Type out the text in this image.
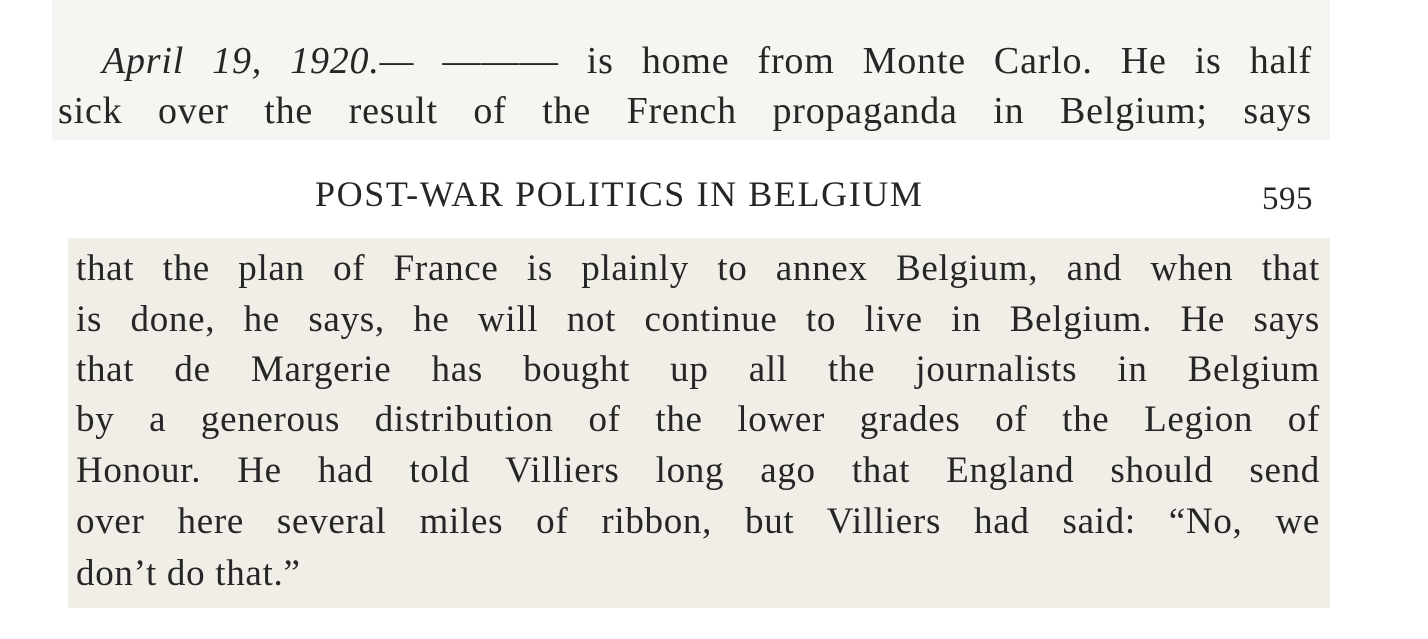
April 19, 1920.— ——— is home from Monte Carlo. He is half
sick over the result of the French propaganda in Belgium; says
POST-WAR POLITICS IN BELGIUM	595
that the plan of France is plainly to annex Belgium, and when that
is done, he says, he will not continue to live in Belgium. He says
that de Margerie has bought up all the journalists in Belgium
by a generous distribution of the lower grades of the Legion of
Honour. He had told Villiers long ago that England should send
over here several miles of ribbon, but Villiers had said: “No, we
don’t do that.”
